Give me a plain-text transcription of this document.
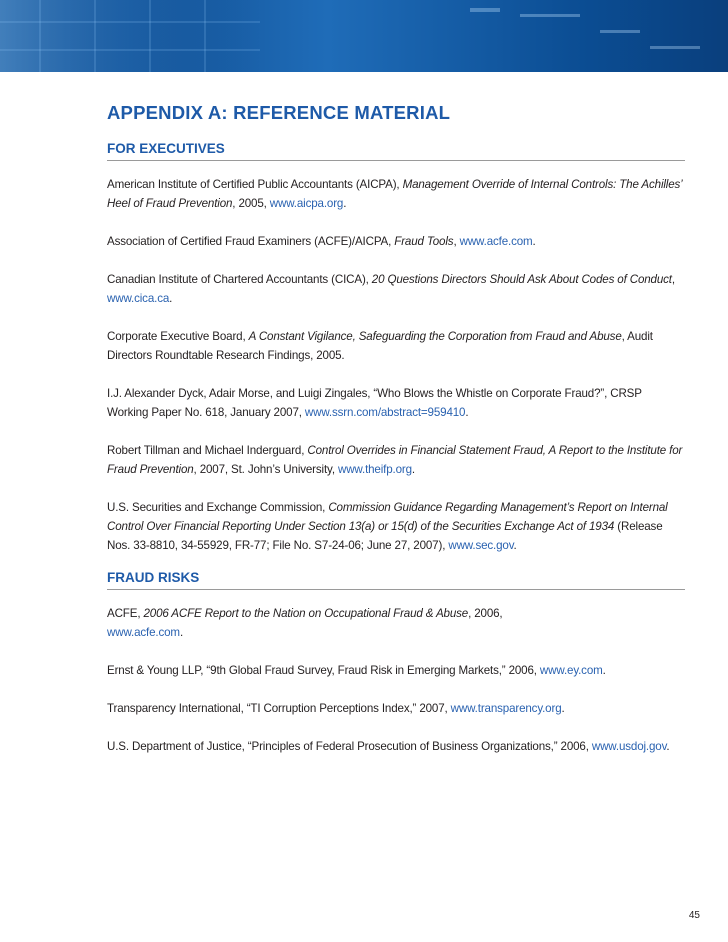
APPENDIX A: REFERENCE MATERIAL
FOR EXECUTIVES

American Institute of Certified Public Accountants (AICPA), Management Override of Internal Controls: The Achilles’ Heel of Fraud Prevention, 2005, www.aicpa.org.

Association of Certified Fraud Examiners (ACFE)/AICPA, Fraud Tools, www.acfe.com.

Canadian Institute of Chartered Accountants (CICA), 20 Questions Directors Should Ask About Codes of Conduct, www.cica.ca.

Corporate Executive Board, A Constant Vigilance, Safeguarding the Corporation from Fraud and Abuse, Audit Directors Roundtable Research Findings, 2005.

I.J. Alexander Dyck, Adair Morse, and Luigi Zingales, “Who Blows the Whistle on Corporate Fraud?”, CRSP Working Paper No. 618, January 2007, www.ssrn.com/abstract=959410.

Robert Tillman and Michael Inderguard, Control Overrides in Financial Statement Fraud, A Report to the Institute for Fraud Prevention, 2007, St. John’s University, www.theifp.org.

U.S. Securities and Exchange Commission, Commission Guidance Regarding Management’s Report on Internal Control Over Financial Reporting Under Section 13(a) or 15(d) of the Securities Exchange Act of 1934 (Release Nos. 33-8810, 34-55929, FR-77; File No. S7-24-06; June 27, 2007), www.sec.gov.

FRAUD RISKS

ACFE, 2006 ACFE Report to the Nation on Occupational Fraud & Abuse, 2006,
www.acfe.com.

Ernst & Young LLP, “9th Global Fraud Survey, Fraud Risk in Emerging Markets,” 2006, www.ey.com.

Transparency International, “TI Corruption Perceptions Index,” 2007, www.transparency.org.

U.S. Department of Justice, “Principles of Federal Prosecution of Business Organizations,” 2006, www.usdoj.gov.

45
